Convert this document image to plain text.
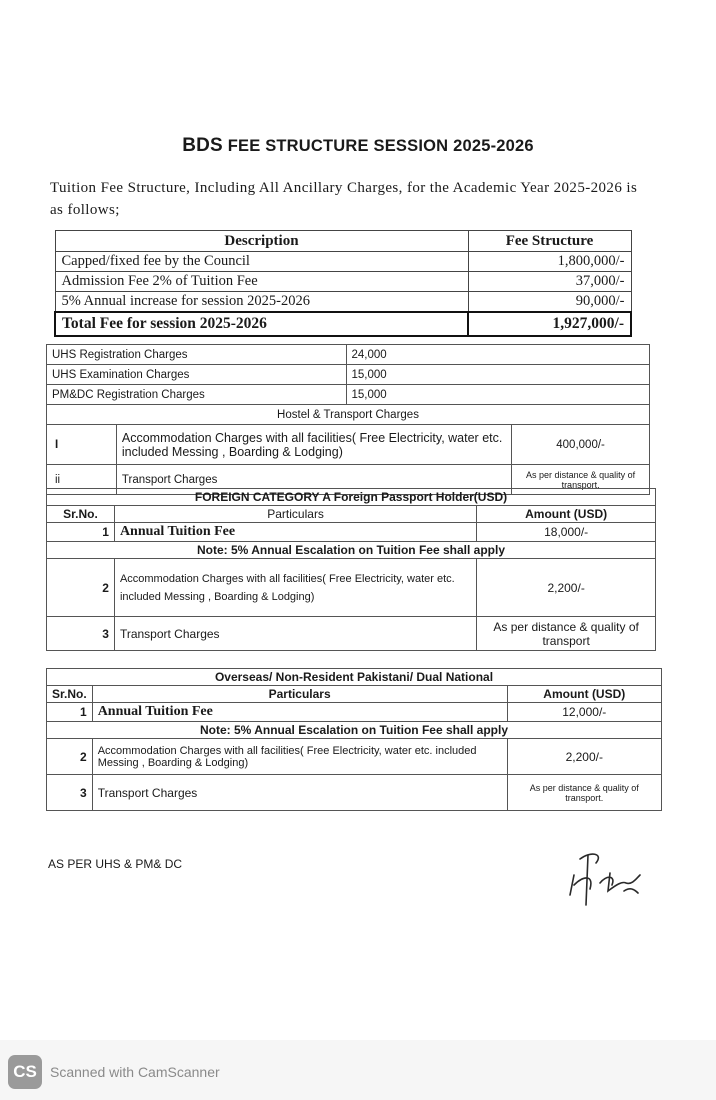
BDS FEE STRUCTURE SESSION 2025-2026
Tuition Fee Structure, Including All Ancillary Charges, for the Academic Year 2025-2026 is as follows;
Description	Fee Structure
Capped/fixed fee by the Council	1,800,000/-
Admission Fee 2% of Tuition Fee	37,000/-
5% Annual increase for session 2025-2026	90,000/-
Total Fee for session 2025-2026	1,927,000/-
UHS Registration Charges		24,000	
UHS Examination Charges		15,000	
PM&DC Registration Charges		15,000	
Hostel & Transport Charges			
I	Accommodation Charges with all facilities( Free Electricity, water etc. included Messing , Boarding & Lodging)		400,000/-
ii	Transport Charges		As per distance & quality of transport.
FOREIGN CATEGORY A Foreign Passport Holder(USD)		
Sr.No.	Particulars	Amount (USD)
1	Annual Tuition Fee	18,000/-
Note: 5% Annual Escalation on Tuition Fee shall apply		
2	Accommodation Charges with all facilities( Free Electricity, water etc. included Messing , Boarding & Lodging)	2,200/-
3	Transport Charges	As per distance & quality of transport
Overseas/ Non-Resident Pakistani/ Dual National		
Sr.No.	Particulars	Amount (USD)
1	Annual Tuition Fee	12,000/-
Note: 5% Annual Escalation on Tuition Fee shall apply		
2	Accommodation Charges with all facilities( Free Electricity, water etc. included Messing , Boarding & Lodging)	2,200/-
3	Transport Charges	As per distance & quality of transport.
AS PER UHS & PM& DC
CS Scanned with CamScanner
